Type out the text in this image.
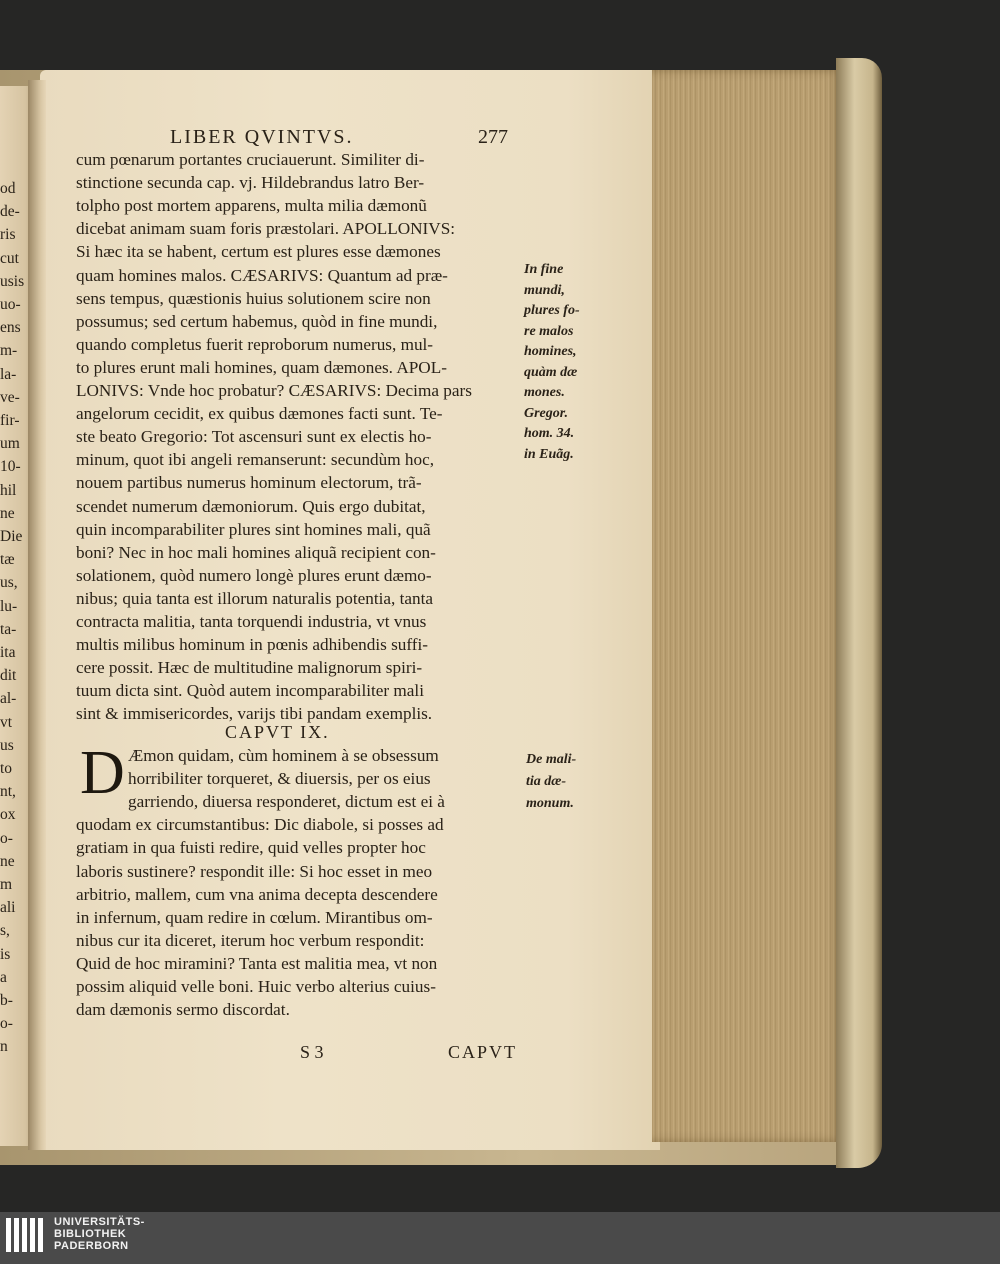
od
de-
ris
cut
usis
uo-
ens
m-
la-
ve-
fir-
um
10-
hil
ne
Die
tæ
us,
lu-
ta-
ita
dit
al-
vt
us
to
nt,
ox
o-
ne
m
ali
s,
is
a
b-
o-
n
LIBER QVINTVS.	277
cum pœnarum portantes cruciauerunt. Similiter di-
stinctione secunda cap. vj. Hildebrandus latro Ber-
tolpho post mortem apparens, multa milia dæmonũ
dicebat animam suam foris præstolari. APOLLONIVS:
Si hæc ita se habent, certum est plures esse dæmones
quam homines malos. CÆSARIVS: Quantum ad præ-
sens tempus, quæstionis huius solutionem scire non
possumus; sed certum habemus, quòd in fine mundi,
quando completus fuerit reproborum numerus, mul-
to plures erunt mali homines, quam dæmones. APOL-
LONIVS: Vnde hoc probatur? CÆSARIVS: Decima pars
angelorum cecidit, ex quibus dæmones facti sunt. Te-
ste beato Gregorio: Tot ascensuri sunt ex electis ho-
minum, quot ibi angeli remanserunt: secundùm hoc,
nouem partibus numerus hominum electorum, trã-
scendet numerum dæmoniorum. Quis ergo dubitat,
quin incomparabiliter plures sint homines mali, quã
boni? Nec in hoc mali homines aliquã recipient con-
solationem, quòd numero longè plures erunt dæmo-
nibus; quia tanta est illorum naturalis potentia, tanta
contracta malitia, tanta torquendi industria, vt vnus
multis milibus hominum in pœnis adhibendis suffi-
cere possit. Hæc de multitudine malignorum spiri-
tuum dicta sint. Quòd autem incomparabiliter mali
sint & immisericordes, varijs tibi pandam exemplis.
CAPVT IX.
D Æmon quidam, cùm hominem à se obsessum
horribiliter torqueret, & diuersis, per os eius
garriendo, diuersa responderet, dictum est ei à
quodam ex circumstantibus: Dic diabole, si posses ad
gratiam in qua fuisti redire, quid velles propter hoc
laboris sustinere? respondit ille: Si hoc esset in meo
arbitrio, mallem, cum vna anima decepta descendere
in infernum, quam redire in cœlum. Mirantibus om-
nibus cur ita diceret, iterum hoc verbum respondit:
Quid de hoc miramini? Tanta est malitia mea, vt non
possim aliquid velle boni. Huic verbo alterius cuius-
dam dæmonis sermo discordat.
In fine
mundi,
plures fo-
re malos
homines,
quàm dæ
mones.
Gregor.
hom. 34.
in Euãg.
De mali-
tia dæ-
monum.
S 3	CAPVT
UNIVERSITÄTS-
BIBLIOTHEK
PADERBORN
